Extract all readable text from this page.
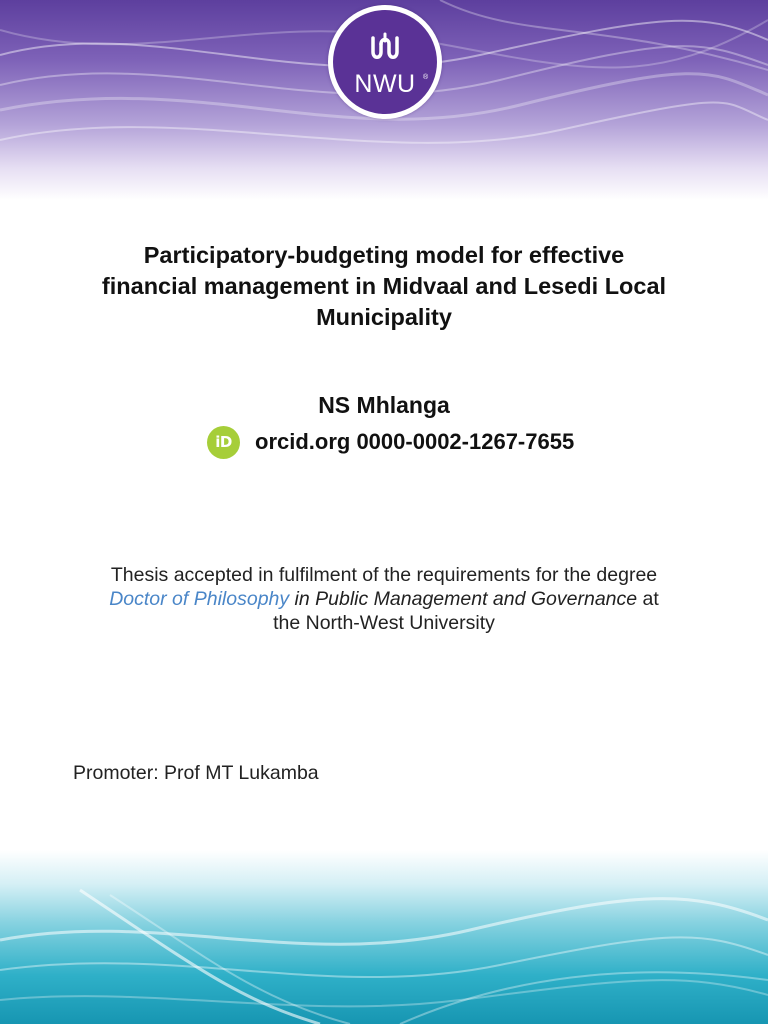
NWU	®
Participatory-budgeting model for effective
financial management in Midvaal and Lesedi Local
Municipality

NS Mhlanga

iD	orcid.org 0000-0002-1267-7655

Thesis accepted in fulfilment of the requirements for the degree
Doctor of Philosophy in Public Management and Governance at
the North-West University

Promoter: Prof MT Lukamba
